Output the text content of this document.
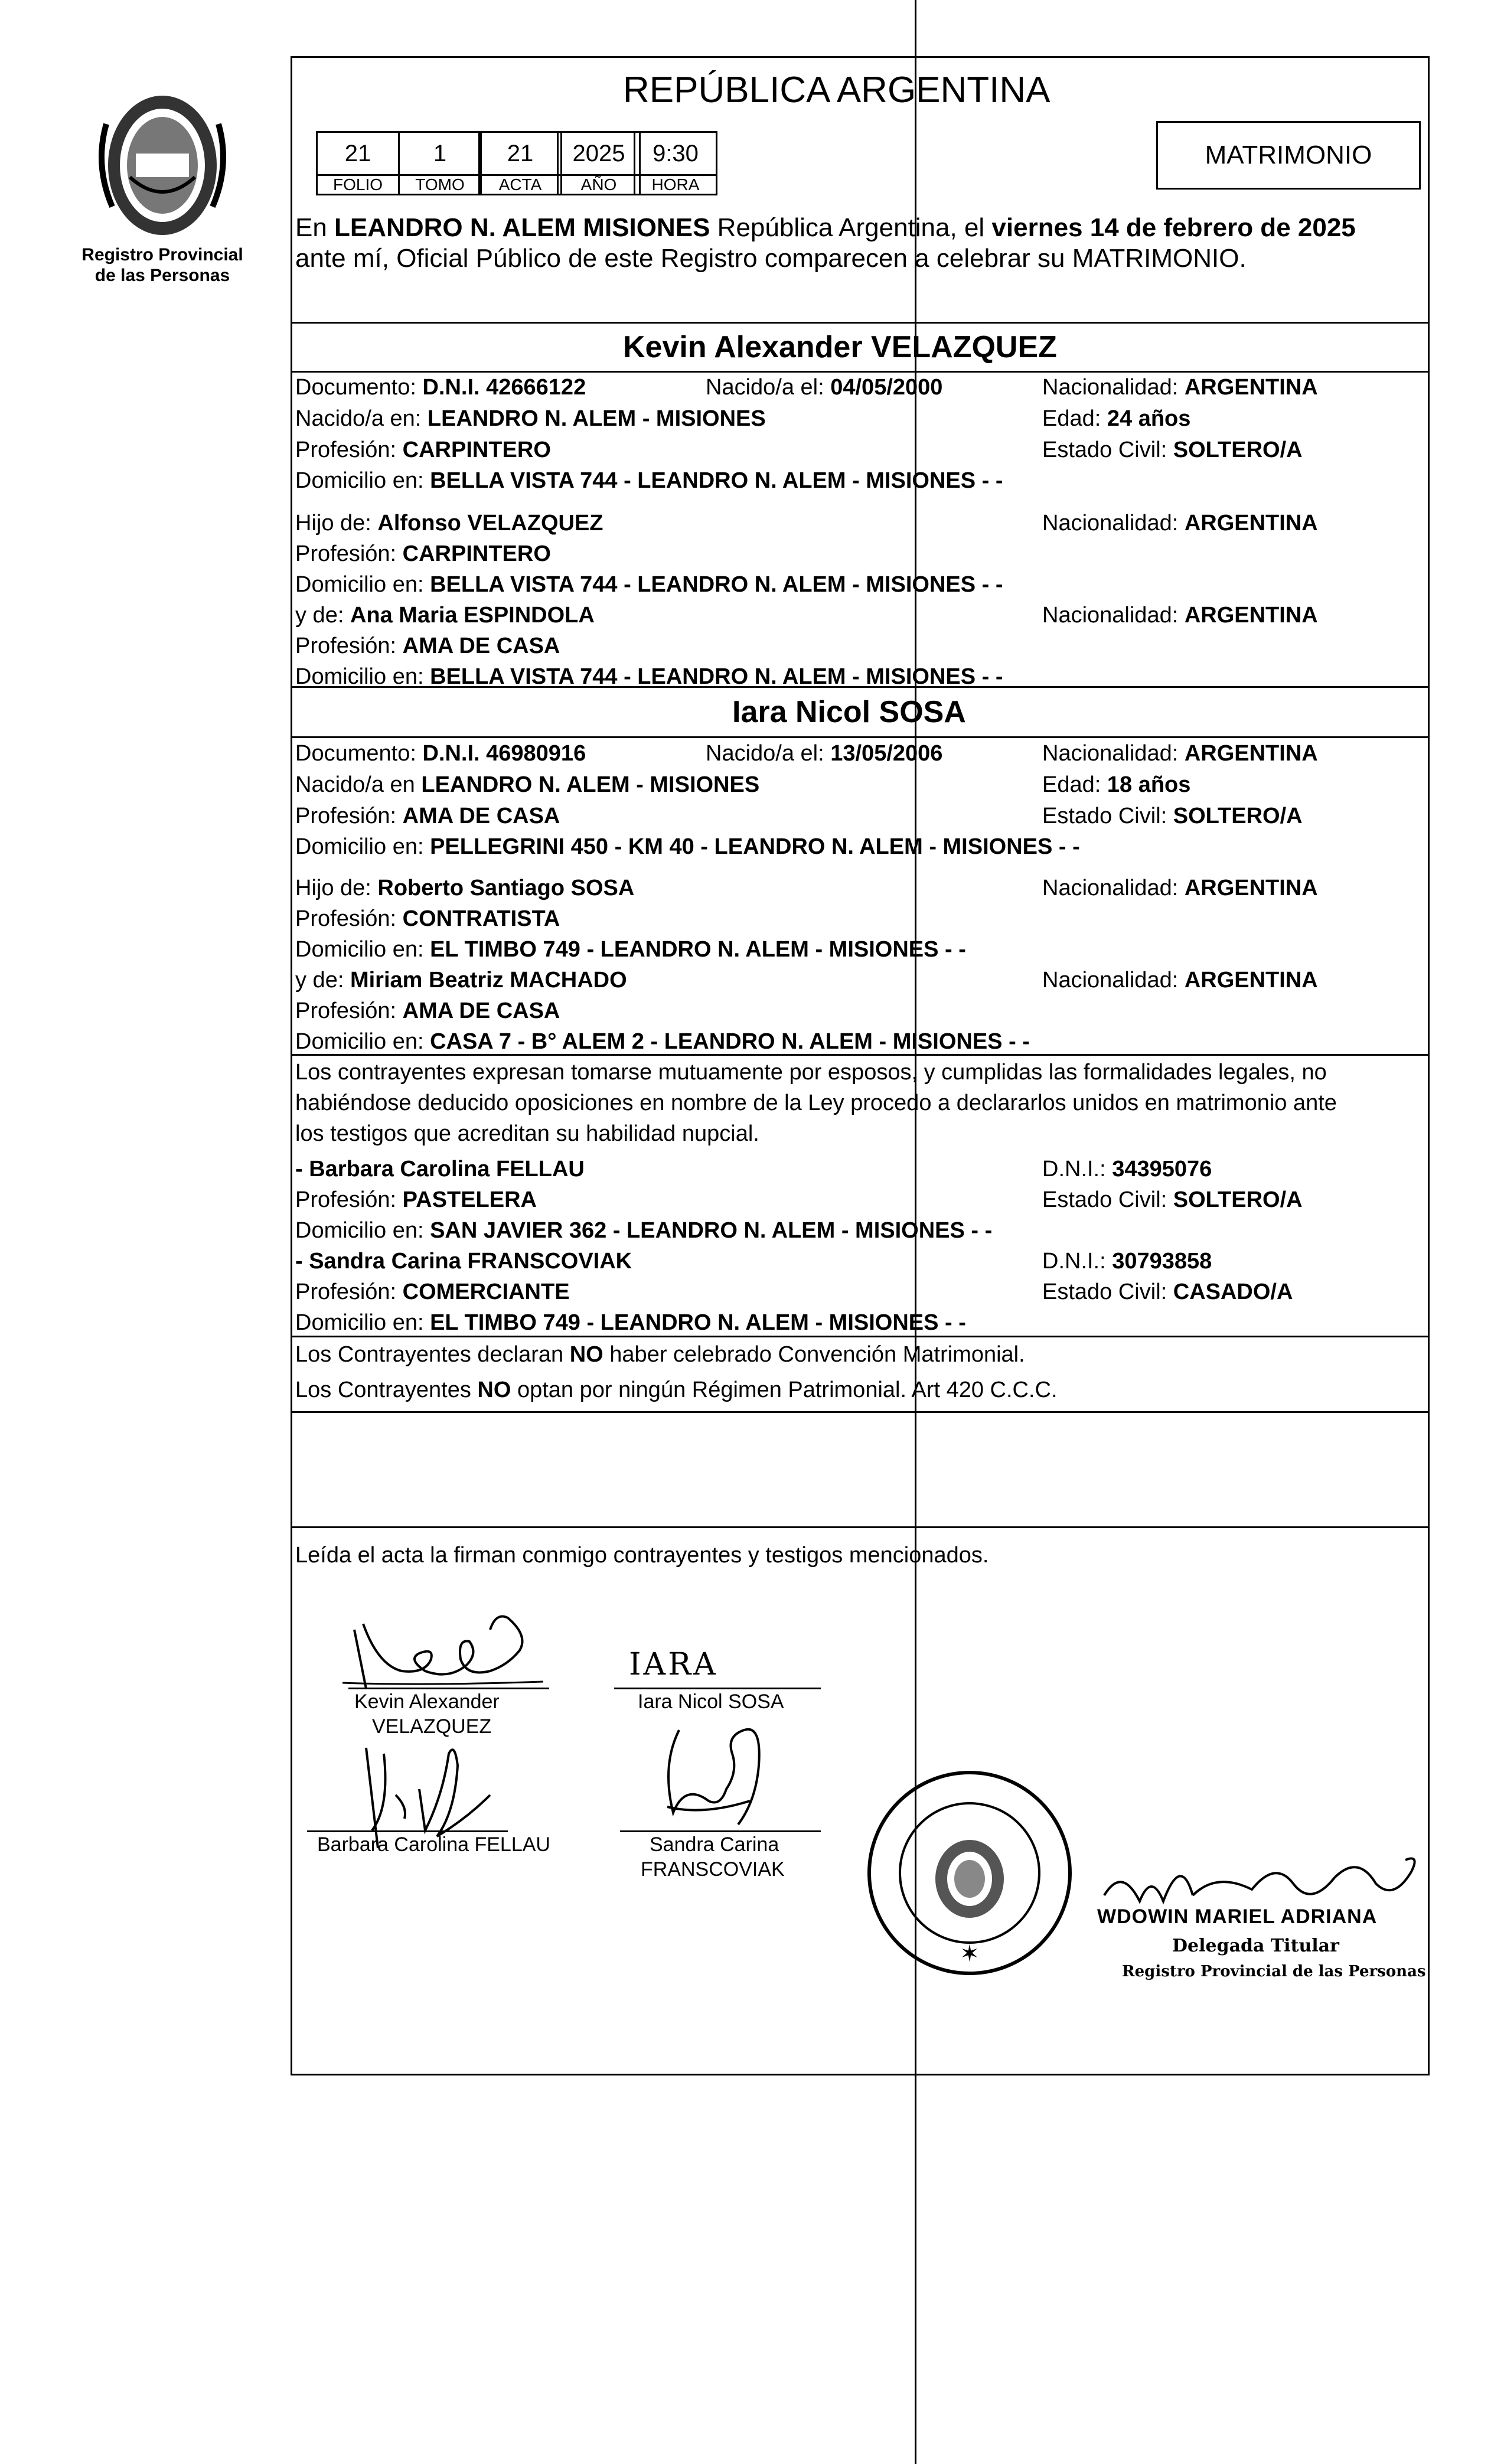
Registro Provincial
de las Personas
REPÚBLICA ARGENTINA
21
FOLIO
1
TOMO
21
ACTA
2025
AÑO
9:30
HORA
MATRIMONIO
En LEANDRO N. ALEM MISIONES República Argentina, el viernes 14 de febrero de 2025
ante mí, Oficial Público de este Registro comparecen a celebrar su MATRIMONIO.
Kevin Alexander VELAZQUEZ
Documento: D.N.I. 42666122	Nacido/a el: 04/05/2000	Nacionalidad: ARGENTINA
Nacido/a en: LEANDRO N. ALEM - MISIONES	Edad: 24 años
Profesión: CARPINTERO	Estado Civil: SOLTERO/A
Domicilio en: BELLA VISTA 744 - LEANDRO N. ALEM - MISIONES - -
Hijo de: Alfonso VELAZQUEZ	Nacionalidad: ARGENTINA
Profesión: CARPINTERO
Domicilio en: BELLA VISTA 744 - LEANDRO N. ALEM - MISIONES - -
y de: Ana Maria ESPINDOLA	Nacionalidad: ARGENTINA
Profesión: AMA DE CASA
Domicilio en: BELLA VISTA 744 - LEANDRO N. ALEM - MISIONES - -
Iara Nicol SOSA
Documento: D.N.I. 46980916	Nacido/a el: 13/05/2006	Nacionalidad: ARGENTINA
Nacido/a en LEANDRO N. ALEM - MISIONES	Edad: 18 años
Profesión: AMA DE CASA	Estado Civil: SOLTERO/A
Domicilio en: PELLEGRINI 450 - KM 40 - LEANDRO N. ALEM - MISIONES - -
Hijo de: Roberto Santiago SOSA	Nacionalidad: ARGENTINA
Profesión: CONTRATISTA
Domicilio en: EL TIMBO 749 - LEANDRO N. ALEM - MISIONES - -
y de: Miriam Beatriz MACHADO	Nacionalidad: ARGENTINA
Profesión: AMA DE CASA
Domicilio en: CASA 7 - B° ALEM 2 - LEANDRO N. ALEM - MISIONES - -
Los contrayentes expresan tomarse mutuamente por esposos, y cumplidas las formalidades legales, no
habiéndose deducido oposiciones en nombre de la Ley procedo a declararlos unidos en matrimonio ante
los testigos que acreditan su habilidad nupcial.
- Barbara Carolina FELLAU	D.N.I.: 34395076
Profesión: PASTELERA	Estado Civil: SOLTERO/A
Domicilio en: SAN JAVIER 362 - LEANDRO N. ALEM - MISIONES - -
- Sandra Carina FRANSCOVIAK	D.N.I.: 30793858
Profesión: COMERCIANTE	Estado Civil: CASADO/A
Domicilio en: EL TIMBO 749 - LEANDRO N. ALEM - MISIONES - -
Los Contrayentes declaran NO haber celebrado Convención Matrimonial.
Los Contrayentes NO optan por ningún Régimen Patrimonial. Art 420 C.C.C.
Leída el acta la firman conmigo contrayentes y testigos mencionados.
Kevin Alexander
VELAZQUEZ
IARA
Iara Nicol SOSA
Barbara Carolina FELLAU	Sandra Carina
FRANSCOVIAK
✶
WDOWIN MARIEL ADRIANA
Delegada Titular
Registro Provincial de las Personas
